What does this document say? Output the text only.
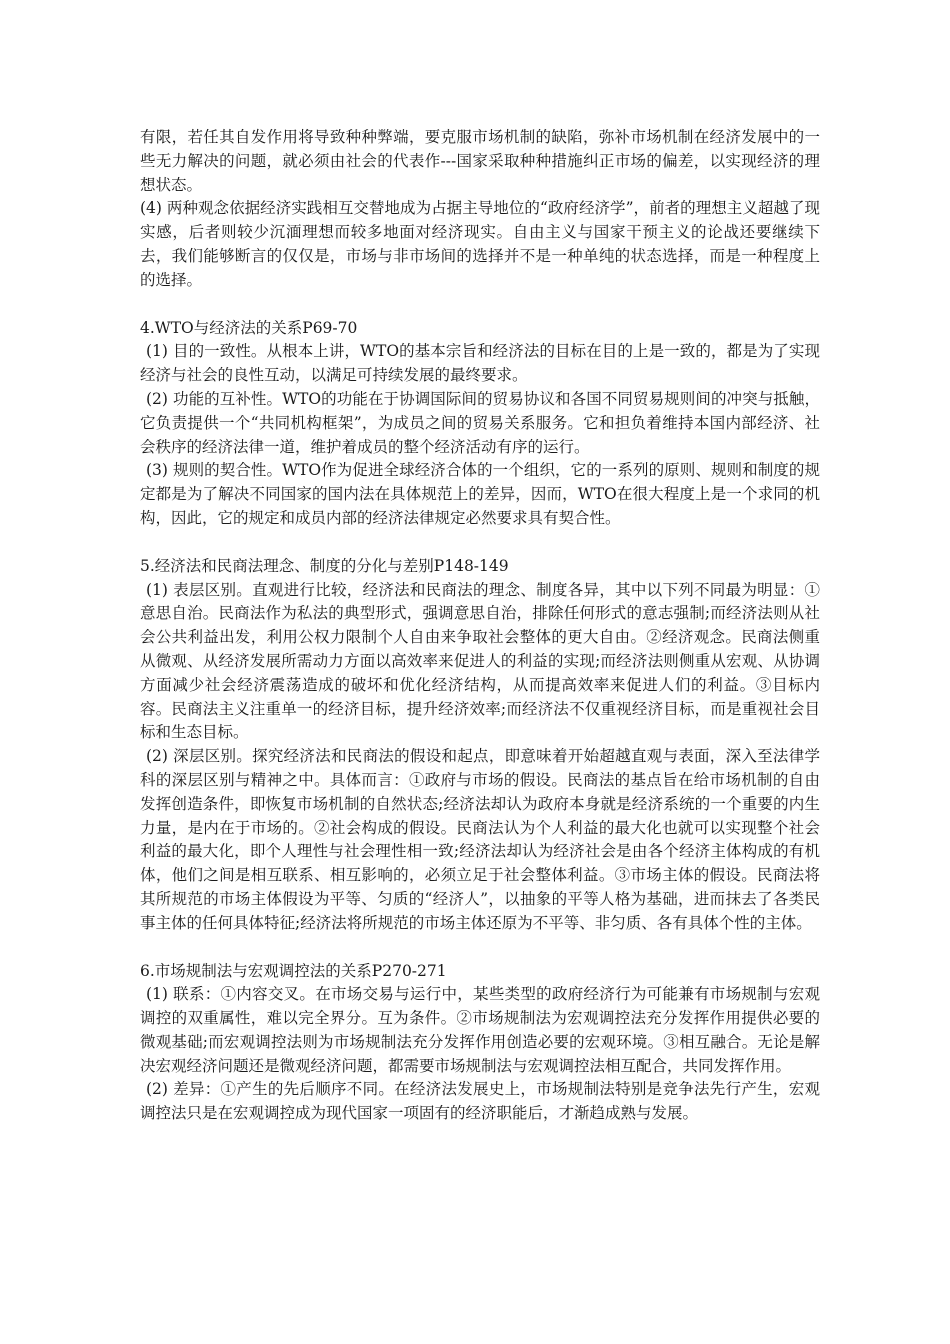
有限，若任其自发作用将导致种种弊端，要克服市场机制的缺陷，弥补市场机制在经济发展中的一些无力解决的问题，就必须由社会的代表作---国家采取种种措施纠正市场的偏差，以实现经济的理想状态。

(4) 两种观念依据经济实践相互交替地成为占据主导地位的“政府经济学”，前者的理想主义超越了现实感，后者则较少沉湎理想而较多地面对经济现实。自由主义与国家干预主义的论战还要继续下去，我们能够断言的仅仅是，市场与非市场间的选择并不是一种单纯的状态选择，而是一种程度上的选择。

4.WTO与经济法的关系P69-70

(1) 目的一致性。从根本上讲，WTO的基本宗旨和经济法的目标在目的上是一致的，都是为了实现经济与社会的良性互动，以满足可持续发展的最终要求。

(2) 功能的互补性。WTO的功能在于协调国际间的贸易协议和各国不同贸易规则间的冲突与抵触，它负责提供一个“共同机构框架”，为成员之间的贸易关系服务。它和担负着维持本国内部经济、社会秩序的经济法律一道，维护着成员的整个经济活动有序的运行。

(3) 规则的契合性。WTO作为促进全球经济合体的一个组织，它的一系列的原则、规则和制度的规定都是为了解决不同国家的国内法在具体规范上的差异，因而，WTO在很大程度上是一个求同的机构，因此，它的规定和成员内部的经济法律规定必然要求具有契合性。

5.经济法和民商法理念、制度的分化与差别P148-149

(1) 表层区别。直观进行比较，经济法和民商法的理念、制度各异，其中以下列不同最为明显：①意思自治。民商法作为私法的典型形式，强调意思自治，排除任何形式的意志强制;而经济法则从社会公共利益出发，利用公权力限制个人自由来争取社会整体的更大自由。②经济观念。民商法侧重从微观、从经济发展所需动力方面以高效率来促进人的利益的实现;而经济法则侧重从宏观、从协调方面减少社会经济震荡造成的破坏和优化经济结构，从而提高效率来促进人们的利益。③目标内容。民商法主义注重单一的经济目标，提升经济效率;而经济法不仅重视经济目标，而是重视社会目标和生态目标。

(2) 深层区别。探究经济法和民商法的假设和起点，即意味着开始超越直观与表面，深入至法律学科的深层区别与精神之中。具体而言：①政府与市场的假设。民商法的基点旨在给市场机制的自由发挥创造条件，即恢复市场机制的自然状态;经济法却认为政府本身就是经济系统的一个重要的内生力量，是内在于市场的。②社会构成的假设。民商法认为个人利益的最大化也就可以实现整个社会利益的最大化，即个人理性与社会理性相一致;经济法却认为经济社会是由各个经济主体构成的有机体，他们之间是相互联系、相互影响的，必须立足于社会整体利益。③市场主体的假设。民商法将其所规范的市场主体假设为平等、匀质的“经济人”，以抽象的平等人格为基础，进而抹去了各类民事主体的任何具体特征;经济法将所规范的市场主体还原为不平等、非匀质、各有具体个性的主体。

6.市场规制法与宏观调控法的关系P270-271

(1) 联系：①内容交叉。在市场交易与运行中，某些类型的政府经济行为可能兼有市场规制与宏观调控的双重属性，难以完全界分。互为条件。②市场规制法为宏观调控法充分发挥作用提供必要的微观基础;而宏观调控法则为市场规制法充分发挥作用创造必要的宏观环境。③相互融合。无论是解决宏观经济问题还是微观经济问题，都需要市场规制法与宏观调控法相互配合，共同发挥作用。

(2) 差异：①产生的先后顺序不同。在经济法发展史上，市场规制法特别是竞争法先行产生，宏观调控法只是在宏观调控成为现代国家一项固有的经济职能后，才渐趋成熟与发展。
